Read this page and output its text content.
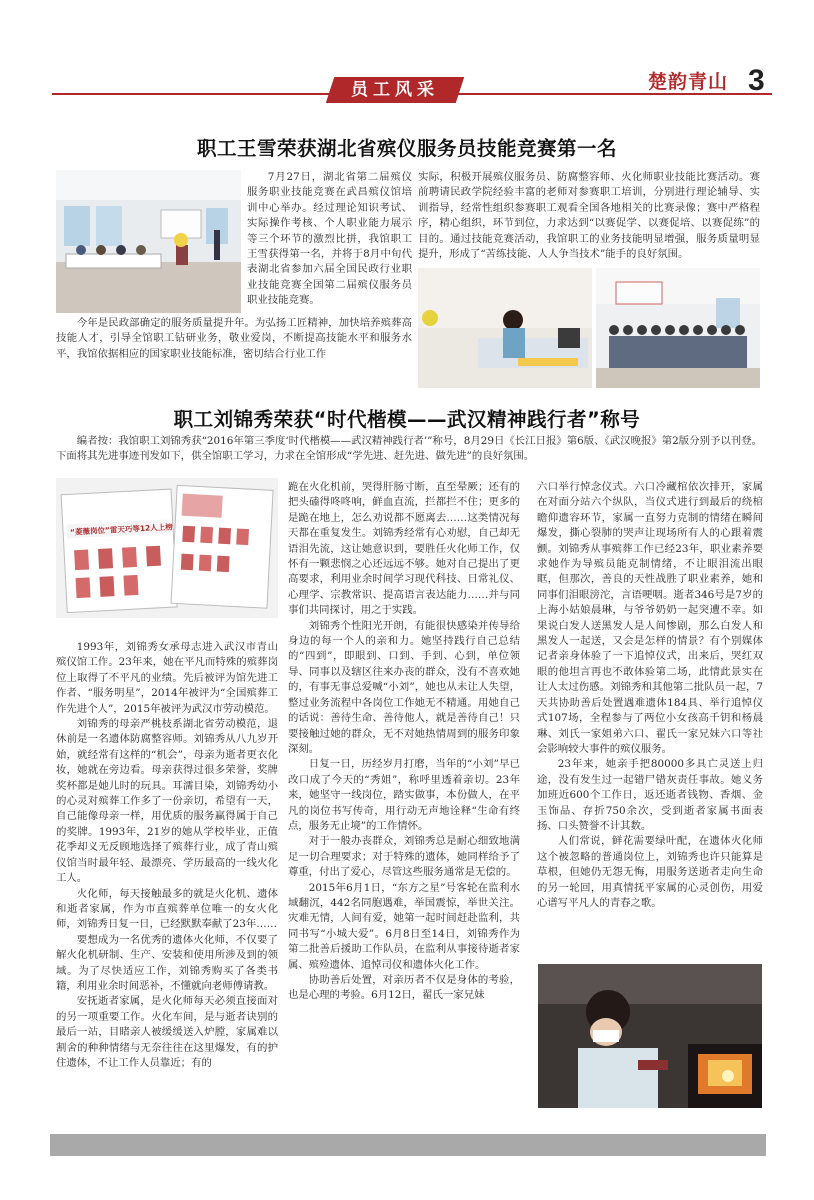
员工风采	楚韵青山 3
职工王雪荣获湖北省殡仪服务员技能竞赛第一名

7月27日，湖北省第二届殡仪服务职业技能竞赛在武昌殡仪馆培训中心举办。经过理论知识考试、实际操作考核、个人职业能力展示等三个环节的激烈比拼，我馆职工王雪获得第一名，并将于8月中旬代表湖北省参加六届全国民政行业职业技能竞赛全国第二届殡仪服务员职业技能竞赛。

今年是民政部确定的服务质量提升年。为弘扬工匠精神，加快培养殡葬高技能人才，引导全馆职工钻研业务，敬业爱岗，不断提高技能水平和服务水平，我馆依据相应的国家职业技能标准，密切结合行业工作

实际，积极开展殡仪服务员、防腐整容师、火化师职业技能比赛活动。赛前聘请民政学院经验丰富的老师对参赛职工培训，分别进行理论辅导、实训指导，经常性组织参赛职工观看全国各地相关的比赛录像；赛中严格程序，精心组织，环节到位，力求达到“以赛促学、以赛促培、以赛促练”的目的。通过技能竞赛活动，我馆职工的业务技能明显增强，服务质量明显提升，形成了“苦练技能、人人争当技术”能手的良好氛围。

职工刘锦秀荣获“时代楷模——武汉精神践行者”称号

编者按：我馆职工刘锦秀获“2016年第三季度‘时代楷模——武汉精神践行者’”称号，8月29日《长江日报》第6版、《武汉晚报》第2版分别予以刊登。下面将其先进事迹刊发如下，供全馆职工学习，力求在全馆形成“学先进、赶先进、做先进”的良好氛围。

“菱薇岗位”雷天巧等12人上榜

1993年，刘锦秀女承母志进入武汉市青山殡仪馆工作。23年来，她在平凡而特殊的殡葬岗位上取得了不平凡的业绩。先后被评为馆先进工作者、“服务明星”，2014年被评为“全国殡葬工作先进个人”，2015年被评为武汉市劳动模范。

刘锦秀的母亲严桃枝系湖北省劳动模范，退休前是一名遗体防腐整容师。刘锦秀从八九岁开始，就经常有这样的“机会”，母亲为逝者更衣化妆，她就在旁边看。母亲获得过很多荣誉，奖牌奖杯都是她儿时的玩具。耳濡目染，刘锦秀幼小的心灵对殡葬工作多了一份亲切，希望有一天，自己能像母亲一样，用优质的服务赢得属于自己的奖牌。1993年，21岁的她从学校毕业，正值花季却义无反顾地选择了殡葬行业，成了青山殡仪馆当时最年轻、最漂亮、学历最高的一线火化工人。

火化师，每天接触最多的就是火化机、遗体和逝者家属，作为市直殡葬单位唯一的女火化师，刘锦秀日复一日，已经默默奉献了23年……

要想成为一名优秀的遗体火化师，不仅要了解火化机研制、生产、安装和使用所涉及到的领域。为了尽快适应工作，刘锦秀购买了各类书籍，利用业余时间恶补，不懂就向老师傅请教。

安抚逝者家属，是火化师每天必须直接面对的另一项重要工作。火化车间，是与逝者诀别的最后一站，目睹亲人被缓缓送入炉膛，家属难以割舍的种种情绪与无奈往往在这里爆发，有的护住遗体，不让工作人员靠近；有的

跪在火化机前，哭得肝肠寸断，直至晕厥；还有的把头磕得咚咚响，鲜血直流，拦都拦不住；更多的是跪在地上，怎么劝说都不愿离去……这类情况每天都在重复发生。刘锦秀经常有心劝慰，自己却无语泪先流，这让她意识到，要胜任火化师工作，仅怀有一颗悲悯之心还远远不够。她对自己提出了更高要求，利用业余时间学习现代科技、日常礼仪、心理学、宗教常识、提高语言表达能力……并与同事们共同探讨，用之于实践。

刘锦秀个性阳光开朗，有能很快感染并传导给身边的每一个人的亲和力。她坚持践行自己总结的“四到”，即眼到、口到、手到、心到，单位领导、同事以及辖区往来办丧的群众，没有不喜欢她的，有事无事总爱喊“小刘”，她也从未让人失望，整过业务流程中各岗位工作她无不精通。用她自己的话说：善待生命、善待他人，就是善待自己！只要接触过她的群众，无不对她热情周到的服务印象深刻。

日复一日，历经岁月打磨，当年的“小刘”早已改口成了今天的“秀姐”，称呼里透着亲切。23年来，她坚守一线岗位，踏实做事，本份做人，在平凡的岗位书写传奇，用行动无声地诠释“生命有终点，服务无止境”的工作情怀。

对于一般办丧群众，刘锦秀总是耐心细致地满足一切合理要求；对于特殊的遗体，她同样给予了尊重，付出了爱心，尽管这些服务通常是无偿的。

2015年6月1日，“东方之星”号客轮在监利水域翻沉，442名同胞遇难，举国震惊，举世关注。灾难无情，人间有爱，她第一起时间赶赴监利，共同书写“小城大爱”。6月8日至14日，刘锦秀作为第二批善后援助工作队员，在监利从事接待逝者家属、殡殓遗体、追悼司仪和遗体火化工作。

协助善后处置，对亲历者不仅是身体的考验，也是心理的考验。6月12日，翟氏一家兄妹

六口举行悼念仪式。六口冷藏棺依次排开，家属在对面分站六个纵队，当仪式进行到最后的绕棺瞻仰遗容环节，家属一直努力克制的情绪在瞬间爆发，撕心裂肺的哭声让现场所有人的心跟着震颤。刘锦秀从事殡葬工作已经23年，职业素养要求她作为导殡员能克制情绪，不让眼泪流出眼眶，但那次，善良的天性战胜了职业素养，她和同事们泪眼滂沱，言语哽咽。逝者346号是7岁的上海小姑娘晨琳，与爷爷奶奶一起突遭不幸。如果说白发人送黑发人是人间惨剧，那么白发人和黑发人一起送，又会是怎样的情景？有个别媒体记者亲身体验了一下追悼仪式，出来后，哭红双眼的他坦言再也不敢体验第二场，此情此景实在让人太过伤感。刘锦秀和其他第二批队员一起，7天共协助善后处置遇难遗体184具、举行追悼仪式107场，全程参与了两位小女孩高千钥和杨晨琳、刘氏一家姐弟六口、翟氏一家兄妹六口等社会影响较大事件的殡仪服务。

23年来，她亲手把80000多具亡灵送上归途，没有发生过一起错尸错灰责任事故。她义务加班近600个工作日，返还逝者钱物、香烟、金玉饰品、存折750余次，受到逝者家属书面表扬、口头赞誉不计其数。

人们常说，鲜花需要绿叶配，在遗体火化师这个被忽略的普通岗位上，刘锦秀也许只能算是草根，但她仍无怨无悔，用服务送逝者走向生命的另一轮回，用真情抚平家属的心灵创伤，用爱心谱写平凡人的青春之歌。
